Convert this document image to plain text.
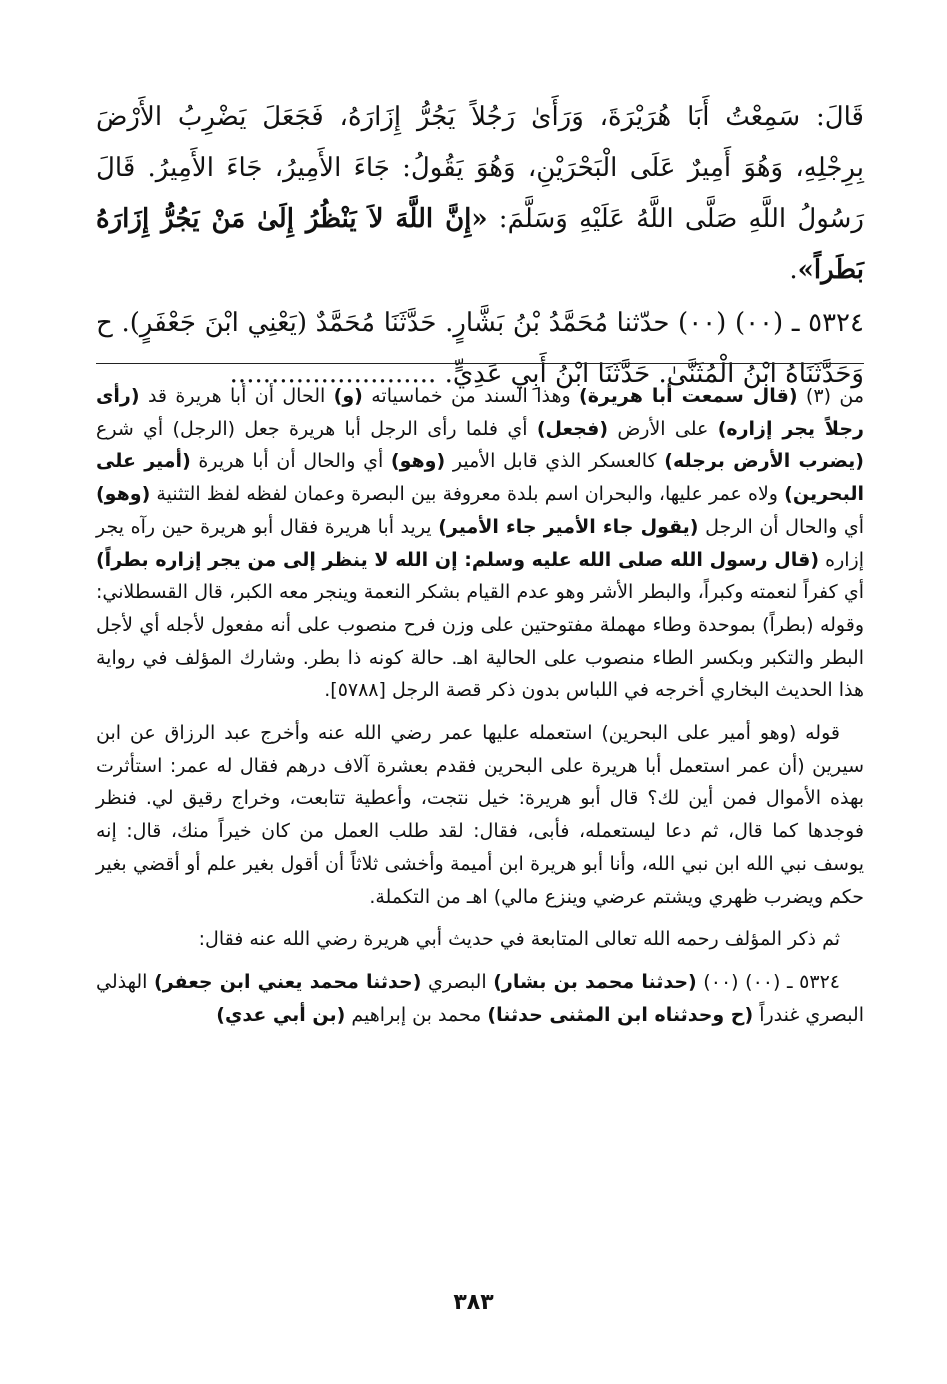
قَالَ: سَمِعْتُ أَبَا هُرَيْرَةَ، وَرَأَىٰ رَجُلاً يَجُرُّ إِزَارَهُ، فَجَعَلَ يَضْرِبُ الأَرْضَ بِرِجْلِهِ، وَهُوَ أَمِيرٌ عَلَى الْبَحْرَيْنِ، وَهُوَ يَقُولُ: جَاءَ الأَمِيرُ، جَاءَ الأَمِيرُ. قَالَ رَسُولُ اللَّهِ صَلَّى اللَّهُ عَلَيْهِ وَسَلَّمَ: «إِنَّ اللَّهَ لاَ يَنْظُرُ إِلَىٰ مَنْ يَجُرُّ إِزَارَهُ بَطَراً».

٥٣٢٤ ـ (٠٠) (٠٠) حدّثنا مُحَمَّدُ بْنُ بَشَّارٍ. حَدَّثَنَا مُحَمَّدٌ (يَعْنِي ابْنَ جَعْفَرٍ). ح وَحَدَّثَنَاهُ ابْنُ الْمُثَنَّىٰ. حَدَّثَنَا ابْنُ أَبِي عَدِيٍّ. .........................

من (٣) (قال سمعت أبا هريرة) وهذا السند من خماسياته (و) الحال أن أبا هريرة قد (رأى رجلاً يجر إزاره) على الأرض (فجعل) أي فلما رأى الرجل أبا هريرة جعل (الرجل) أي شرع (يضرب الأرض برجله) كالعسكر الذي قابل الأمير (وهو) أي والحال أن أبا هريرة (أمير على البحرين) ولاه عمر عليها، والبحران اسم بلدة معروفة بين البصرة وعمان لفظه لفظ التثنية (وهو) أي والحال أن الرجل (يقول جاء الأمير جاء الأمير) يريد أبا هريرة فقال أبو هريرة حين رآه يجر إزاره (قال رسول الله صلى الله عليه وسلم: إن الله لا ينظر إلى من يجر إزاره بطراً) أي كفراً لنعمته وكبراً، والبطر الأشر وهو عدم القيام بشكر النعمة وينجر معه الكبر، قال القسطلاني: وقوله (بطراً) بموحدة وطاء مهملة مفتوحتين على وزن فرح منصوب على أنه مفعول لأجله أي لأجل البطر والتكبر وبكسر الطاء منصوب على الحالية اهـ. حالة كونه ذا بطر. وشارك المؤلف في رواية هذا الحديث البخاري أخرجه في اللباس بدون ذكر قصة الرجل [٥٧٨٨].

قوله (وهو أمير على البحرين) استعمله عليها عمر رضي الله عنه وأخرج عبد الرزاق عن ابن سيرين (أن عمر استعمل أبا هريرة على البحرين فقدم بعشرة آلاف درهم فقال له عمر: استأثرت بهذه الأموال فمن أين لك؟ قال أبو هريرة: خيل نتجت، وأعطية تتابعت، وخراج رقيق لي. فنظر فوجدها كما قال، ثم دعا ليستعمله، فأبى، فقال: لقد طلب العمل من كان خيراً منك، قال: إنه يوسف نبي الله ابن نبي الله، وأنا أبو هريرة ابن أميمة وأخشى ثلاثاً أن أقول بغير علم أو أقضي بغير حكم ويضرب ظهري ويشتم عرضي وينزع مالي) اهـ من التكملة.

ثم ذكر المؤلف رحمه الله تعالى المتابعة في حديث أبي هريرة رضي الله عنه فقال:

٥٣٢٤ ـ (٠٠) (٠٠) (حدثنا محمد بن بشار) البصري (حدثنا محمد يعني ابن جعفر) الهذلي البصري غندراً (ح وحدثناه ابن المثنى حدثنا) محمد بن إبراهيم (بن أبي عدي)

٣٨٣
